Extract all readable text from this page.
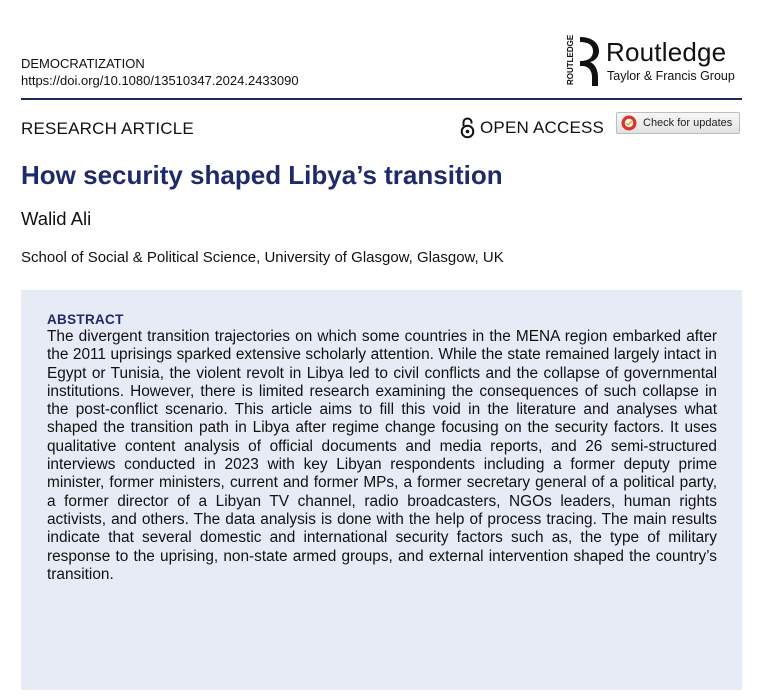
DEMOCRATIZATION
https://doi.org/10.1080/13510347.2024.2433090	ROUTLEDGE Routledge
Taylor & Francis Group
RESEARCH ARTICLE	OPEN ACCESS	Check for updates
How security shaped Libya’s transition
Walid Ali
School of Social & Political Science, University of Glasgow, Glasgow, UK
ABSTRACT

The divergent transition trajectories on which some countries in the MENA region embarked after the 2011 uprisings sparked extensive scholarly attention. While the state remained largely intact in Egypt or Tunisia, the violent revolt in Libya led to civil conflicts and the collapse of governmental institutions. However, there is limited research examining the consequences of such collapse in the post-conflict scenario. This article aims to fill this void in the literature and analyses what shaped the transition path in Libya after regime change focusing on the security factors. It uses qualitative content analysis of official documents and media reports, and 26 semi-structured interviews conducted in 2023 with key Libyan respondents including a former deputy prime minister, former ministers, current and former MPs, a former secretary general of a political party, a former director of a Libyan TV channel, radio broadcasters, NGOs leaders, human rights activists, and others. The data analysis is done with the help of process tracing. The main results indicate that several domestic and international security factors such as, the type of military response to the uprising, non-state armed groups, and external intervention shaped the country’s transition.
